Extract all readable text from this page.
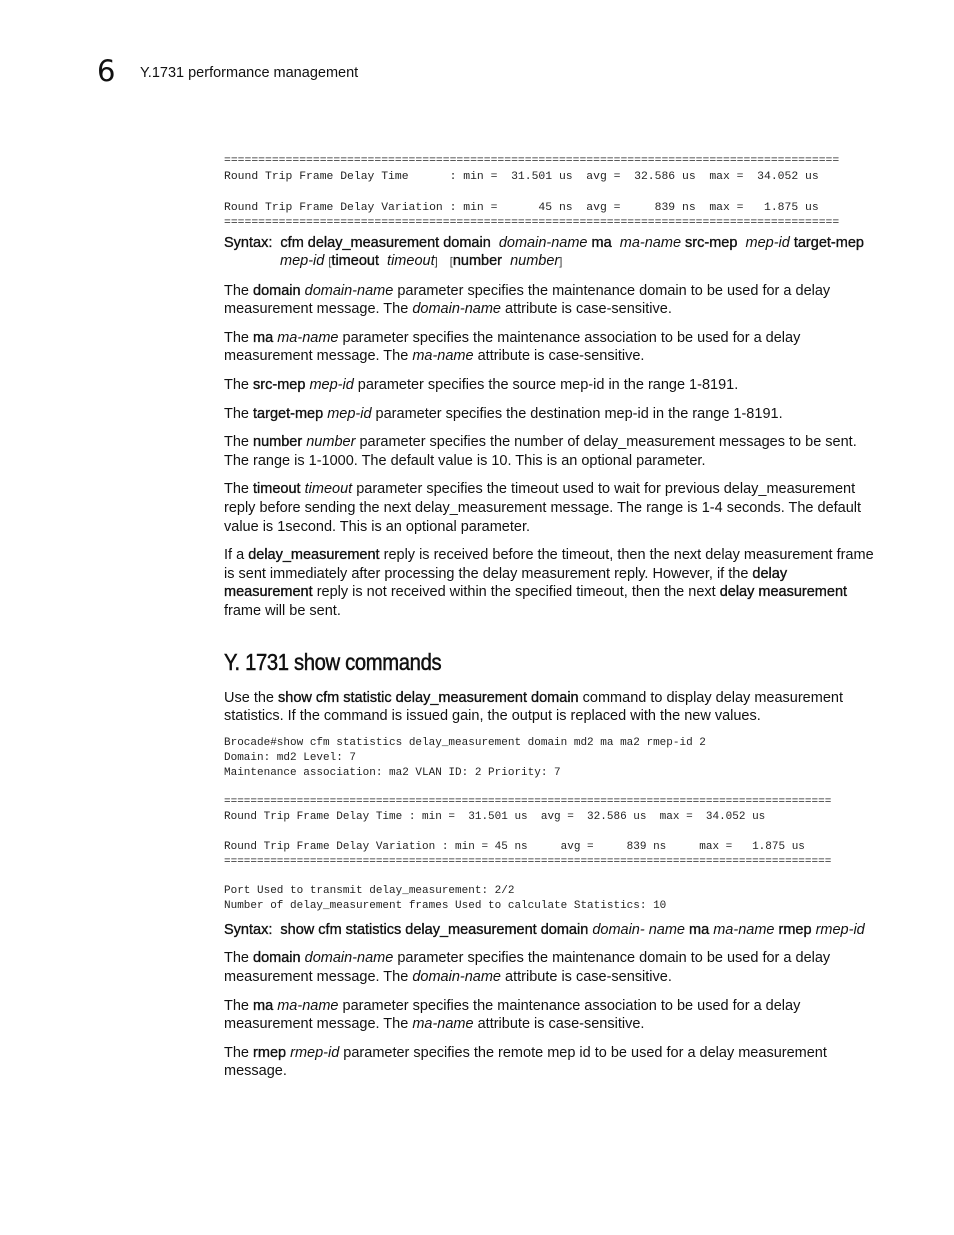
6 Y.1731 performance management
==========================================================================================
Round Trip Frame Delay Time      : min =  31.501 us  avg =  32.586 us  max =  34.052 us

Round Trip Frame Delay Variation : min =      45 ns  avg =     839 ns  max =   1.875 us
==========================================================================================
Syntax: cfm delay_measurement domain domain-name ma ma-name src-mep mep-id target-mep mep-id [timeout timeout] [number number]

The domain domain-name parameter specifies the maintenance domain to be used for a delay measurement message. The domain-name attribute is case-sensitive.

The ma ma-name parameter specifies the maintenance association to be used for a delay measurement message. The ma-name attribute is case-sensitive.

The src-mep mep-id parameter specifies the source mep-id in the range 1-8191.

The target-mep mep-id parameter specifies the destination mep-id in the range 1-8191.

The number number parameter specifies the number of delay_measurement messages to be sent. The range is 1-1000. The default value is 10. This is an optional parameter.

The timeout timeout parameter specifies the timeout used to wait for previous delay_measurement reply before sending the next delay_measurement message. The range is 1-4 seconds. The default value is 1second. This is an optional parameter.

If a delay_measurement reply is received before the timeout, then the next delay measurement frame is sent immediately after processing the delay measurement reply. However, if the delay measurement reply is not received within the specified timeout, then the next delay measurement frame will be sent.

Y. 1731 show commands

Use the show cfm statistic delay_measurement domain command to display delay measurement statistics. If the command is issued gain, the output is replaced with the new values.

Brocade#show cfm statistics delay_measurement domain md2 ma ma2 rmep-id 2
Domain: md2 Level: 7
Maintenance association: ma2 VLAN ID: 2 Priority: 7
============================================================================================
Round Trip Frame Delay Time : min =  31.501 us  avg =  32.586 us  max =  34.052 us

Round Trip Frame Delay Variation : min = 45 ns     avg =     839 ns     max =   1.875 us
============================================================================================
Port Used to transmit delay_measurement: 2/2
Number of delay_measurement frames Used to calculate Statistics: 10
Syntax: show cfm statistics delay_measurement domain domain- name ma ma-name rmep rmep-id

The domain domain-name parameter specifies the maintenance domain to be used for a delay measurement message. The domain-name attribute is case-sensitive.

The ma ma-name parameter specifies the maintenance association to be used for a delay measurement message. The ma-name attribute is case-sensitive.

The rmep rmep-id parameter specifies the remote mep id to be used for a delay measurement message.
